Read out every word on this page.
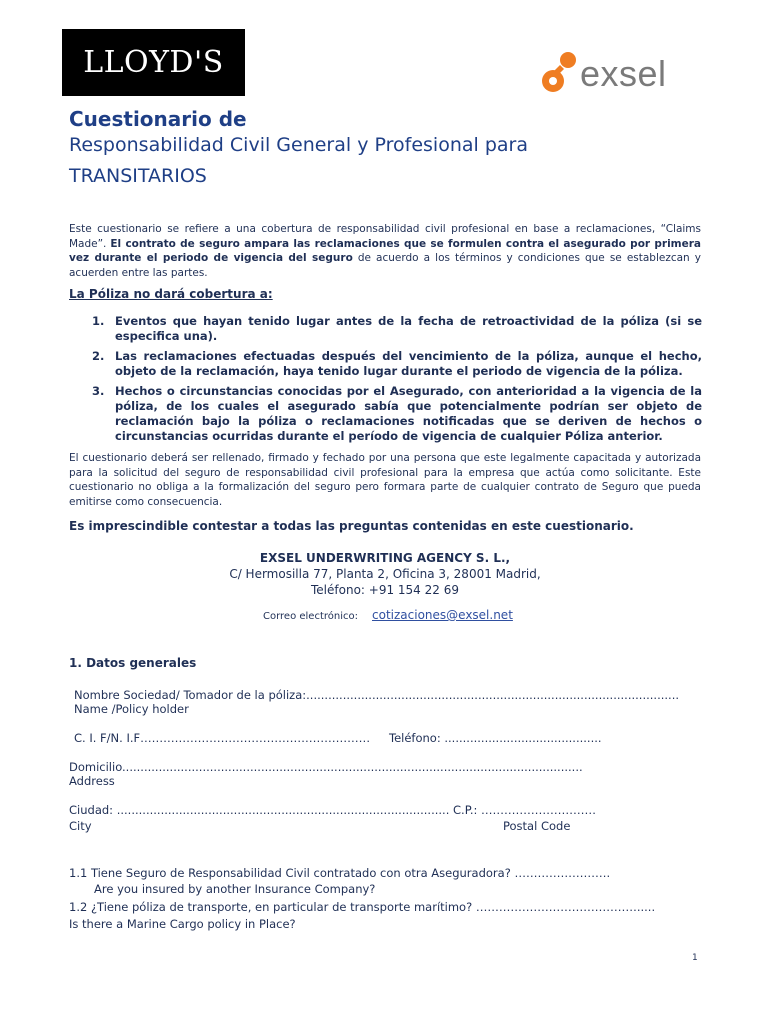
LLOYD'S	exsel
Cuestionario de
Responsabilidad Civil General y Profesional para
TRANSITARIOS
Este cuestionario se refiere a una cobertura de responsabilidad civil profesional en base a reclamaciones, “Claims Made”. El contrato de seguro ampara las reclamaciones que se formulen contra el asegurado por primera vez durante el periodo de vigencia del seguro de acuerdo a los términos y condiciones que se establezcan y acuerden entre las partes.
La Póliza no dará cobertura a:
1. Eventos que hayan tenido lugar antes de la fecha de retroactividad de la póliza (si se especifica una).
2. Las reclamaciones efectuadas después del vencimiento de la póliza, aunque el hecho, objeto de la reclamación, haya tenido lugar durante el periodo de vigencia de la póliza.
3. Hechos o circunstancias conocidas por el Asegurado, con anterioridad a la vigencia de la póliza, de los cuales el asegurado sabía que potencialmente podrían ser objeto de reclamación bajo la póliza o reclamaciones notificadas que se deriven de hechos o circunstancias ocurridas durante el período de vigencia de cualquier Póliza anterior.
El cuestionario deberá ser rellenado, firmado y fechado por una persona que este legalmente capacitada y autorizada para la solicitud del seguro de responsabilidad civil profesional para la empresa que actúa como solicitante. Este cuestionario no obliga a la formalización del seguro pero formara parte de cualquier contrato de Seguro que pueda emitirse como consecuencia.
Es imprescindible contestar a todas las preguntas contenidas en este cuestionario.
EXSEL UNDERWRITING AGENCY S. L.,
C/ Hermosilla 77, Planta 2, Oficina 3, 28001 Madrid,
Teléfono: +91 154 22 69
Correo electrónico: cotizaciones@exsel.net
1. Datos generales
Nombre Sociedad/ Tomador de la póliza:......................................................................................................
Name /Policy holder
C. I. F/N. I.F…………………………………………………… Teléfono: ...........................................
Domicilio..............................................................................................................................
Address
Ciudad: ........................................................................................... C.P.: …………………………
City	Postal Code
1.1 Tiene Seguro de Responsabilidad Civil contratado con otra Aseguradora? …………………….
Are you insured by another Insurance Company?
1.2 ¿Tiene póliza de transporte, en particular de transporte marítimo? …………………………………….....
Is there a Marine Cargo policy in Place?
1
